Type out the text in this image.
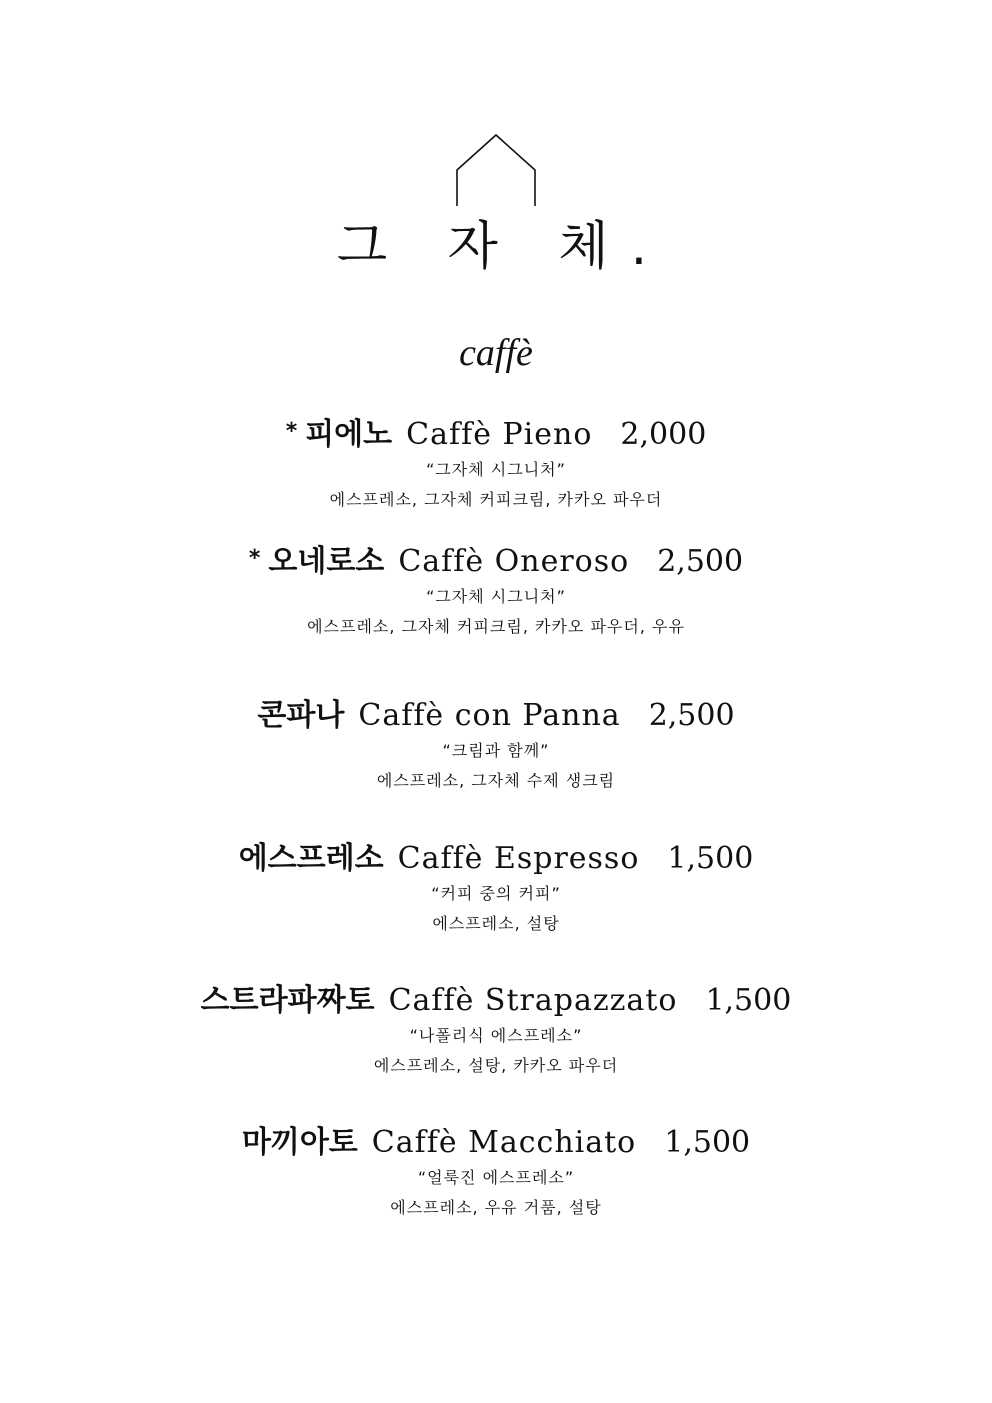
그 자 체.
caffè
* 피에노 Caffè Pieno 2,000
“그자체 시그니처”
에스프레소, 그자체 커피크림, 카카오 파우더
* 오네로소 Caffè Oneroso 2,500
“그자체 시그니처”
에스프레소, 그자체 커피크림, 카카오 파우더, 우유
콘파나 Caffè con Panna 2,500
“크림과 함께”
에스프레소, 그자체 수제 생크림
에스프레소 Caffè Espresso 1,500
“커피 중의 커피”
에스프레소, 설탕
스트라파짜토 Caffè Strapazzato 1,500
“나폴리식 에스프레소”
에스프레소, 설탕, 카카오 파우더
마끼아토 Caffè Macchiato 1,500
“얼룩진 에스프레소”
에스프레소, 우유 거품, 설탕
